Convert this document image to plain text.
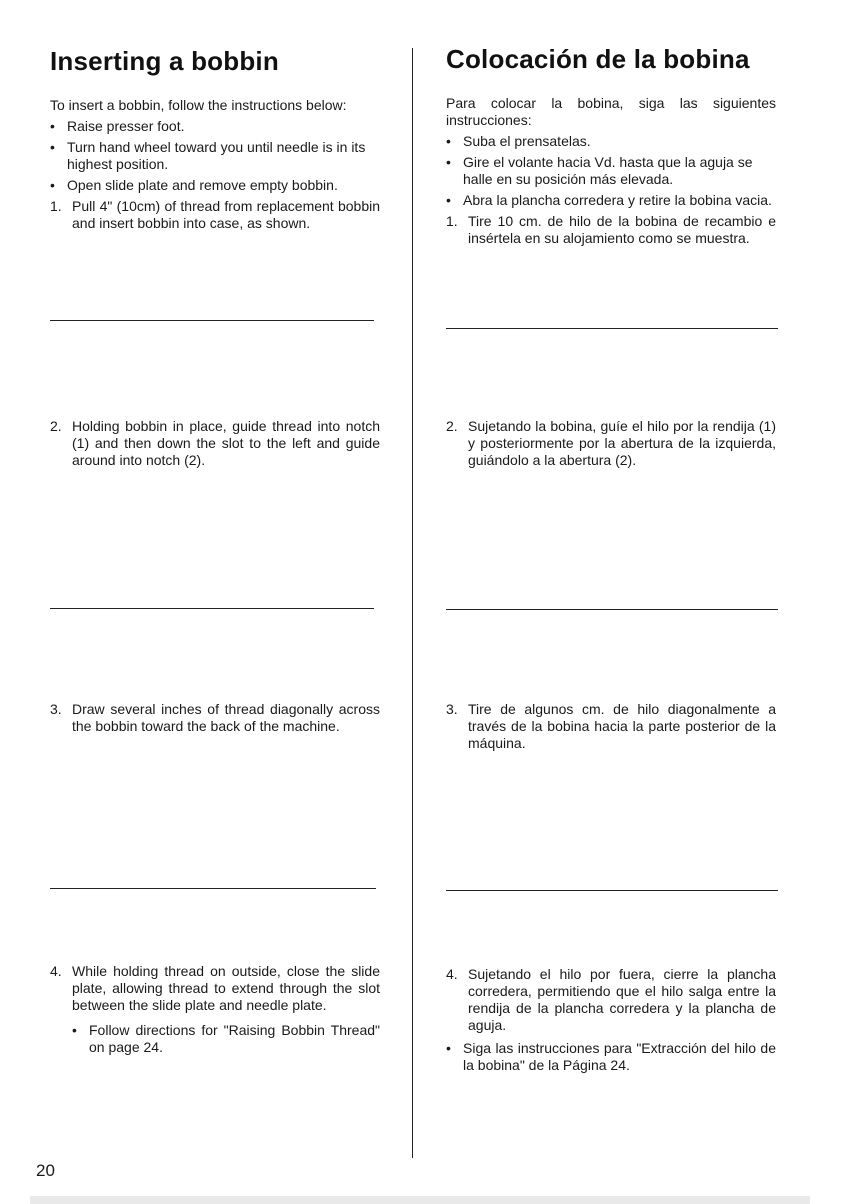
Inserting a bobbin

To insert a bobbin, follow the instructions below:

• Raise presser foot.

• Turn hand wheel toward you until needle is in its highest position.

• Open slide plate and remove empty bobbin.

1. Pull 4" (10cm) of thread from replacement bobbin and insert bobbin into case, as shown.

2. Holding bobbin in place, guide thread into notch (1) and then down the slot to the left and guide around into notch (2).

3. Draw several inches of thread diagonally across the bobbin toward the back of the machine.

4. While holding thread on outside, close the slide plate, allowing thread to extend through the slot between the slide plate and needle plate.

• Follow directions for "Raising Bobbin Thread" on page 24.

Colocación de la bobina

Para colocar la bobina, siga las siguientes instrucciones:

• Suba el prensatelas.

• Gire el volante hacia Vd. hasta que la aguja se halle en su posición más elevada.

• Abra la plancha corredera y retire la bobina vacia.

1. Tire 10 cm. de hilo de la bobina de recambio e insértela en su alojamiento como se muestra.

2. Sujetando la bobina, guíe el hilo por la rendija (1) y posteriormente por la abertura de la izquierda, guiándolo a la abertura (2).

3. Tire de algunos cm. de hilo diagonalmente a través de la bobina hacia la parte posterior de la máquina.

4. Sujetando el hilo por fuera, cierre la plancha corredera, permitiendo que el hilo salga entre la rendija de la plancha corredera y la plancha de aguja.

• Siga las instrucciones para "Extracción del hilo de la bobina" de la Página 24.

20
